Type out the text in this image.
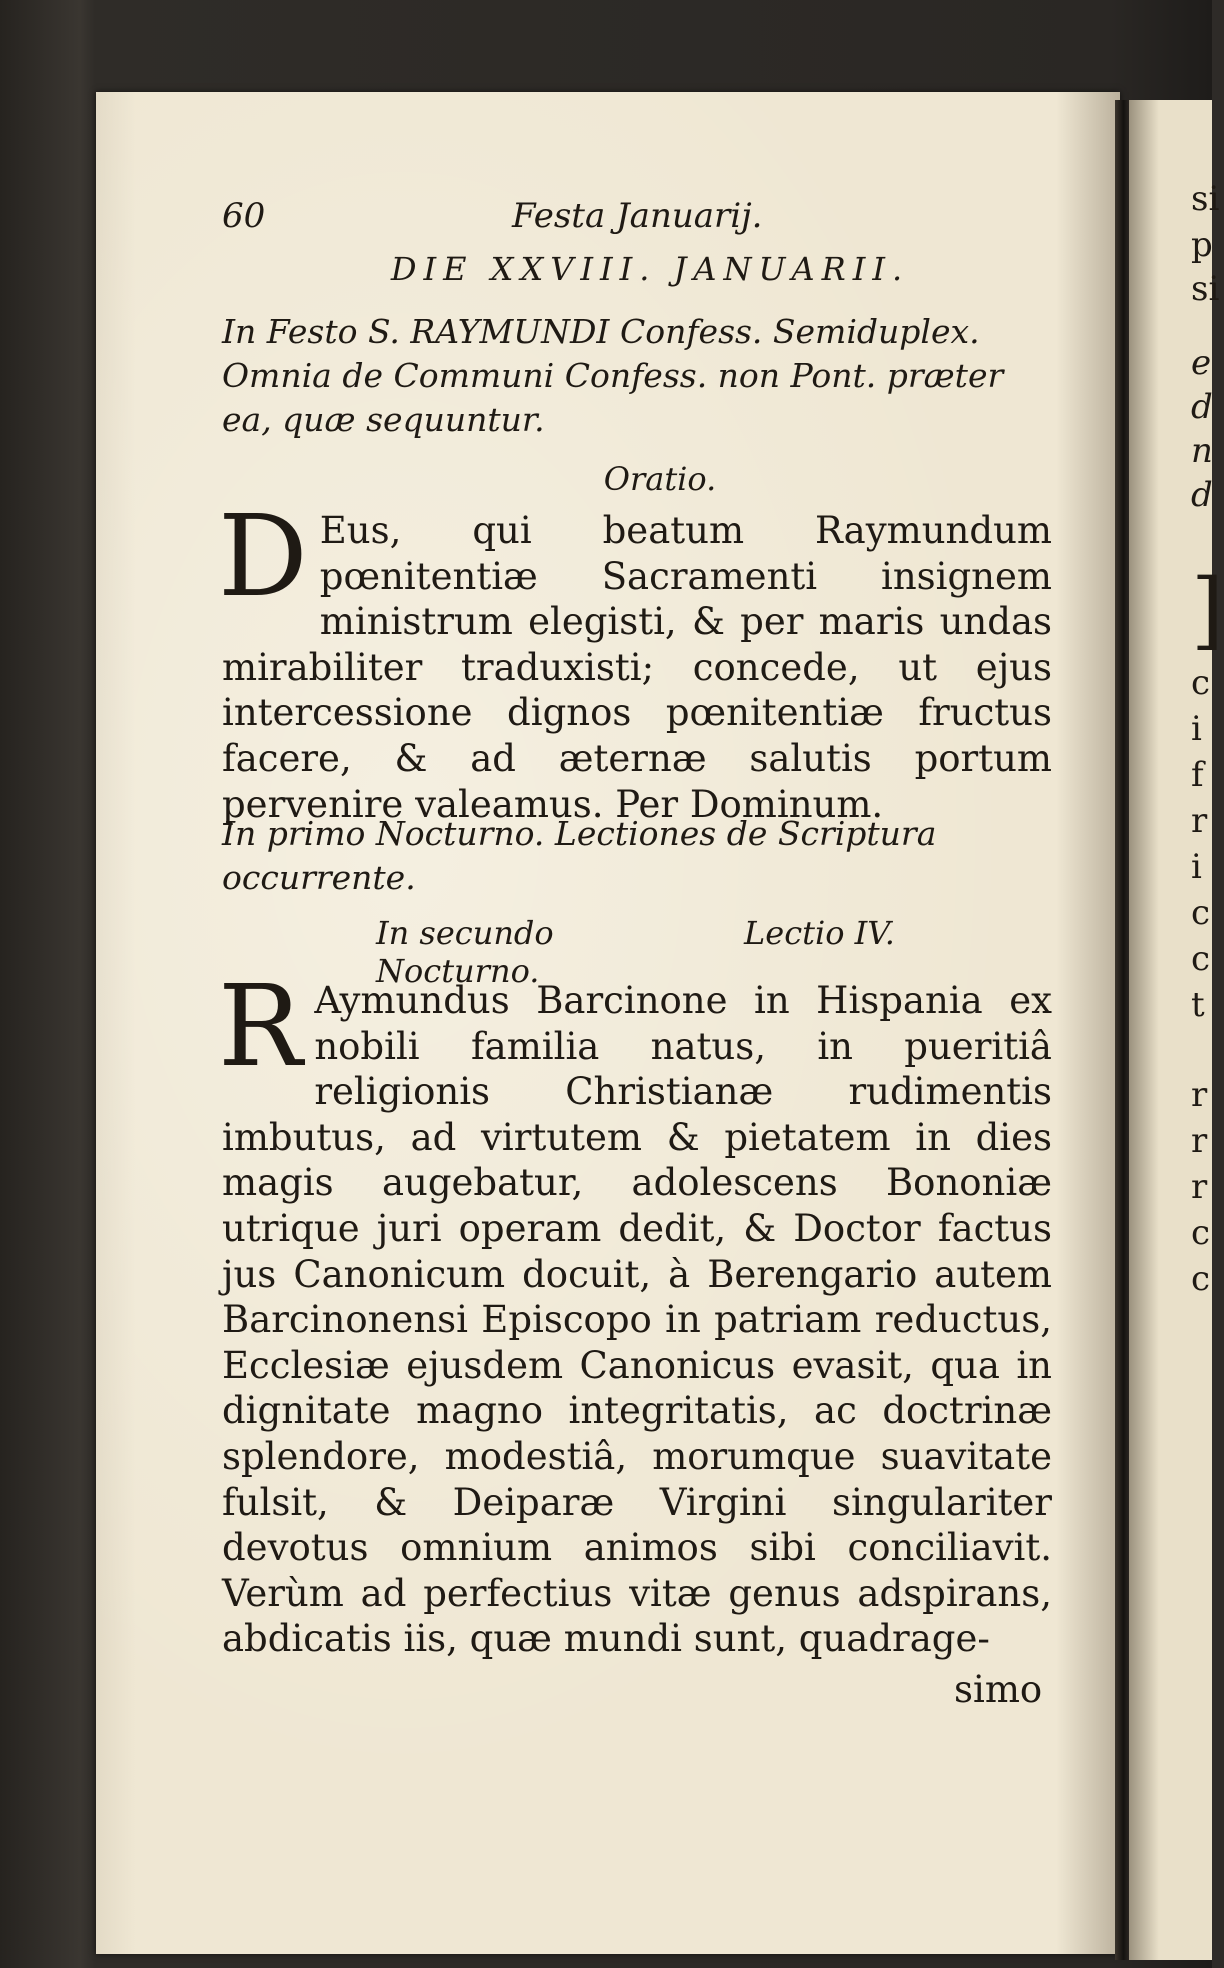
si
p
si
e
d
n
d
]
c
i
f
r
i
c
c
t
r
r
r
c
c
60	Festa Januarij.
DIE XXVIII. JANUARII.
In Festo S. RAYMUNDI Confess. Semiduplex. Omnia de Communi Confess. non Pont. præter ea, quæ sequuntur.
Oratio.
D Eus, qui beatum Raymundum pœnitentiæ Sacramenti insignem ministrum elegisti, & per maris undas mirabiliter traduxisti; concede, ut ejus intercessione dignos pœnitentiæ fructus facere, & ad æternæ salutis portum pervenire valeamus. Per Dominum.
In primo Nocturno. Lectiones de Scriptura occurrente.
In secundo Nocturno.
Lectio IV.
R Aymundus Barcinone in Hispania ex nobili familia natus, in pueritiâ religionis Christianæ rudimentis imbutus, ad virtutem & pietatem in dies magis augebatur, adolescens Bononiæ utrique juri operam dedit, & Doctor factus jus Canonicum docuit, à Berengario autem Barcinonensi Episcopo in patriam reductus, Ecclesiæ ejusdem Canonicus evasit, qua in dignitate magno integritatis, ac doctrinæ splendore, modestiâ, morumque suavitate fulsit, & Deiparæ Virgini singulariter devotus omnium animos sibi conciliavit. Verùm ad perfectius vitæ genus adspirans, abdicatis iis, quæ mundi sunt, quadrage-
simo
